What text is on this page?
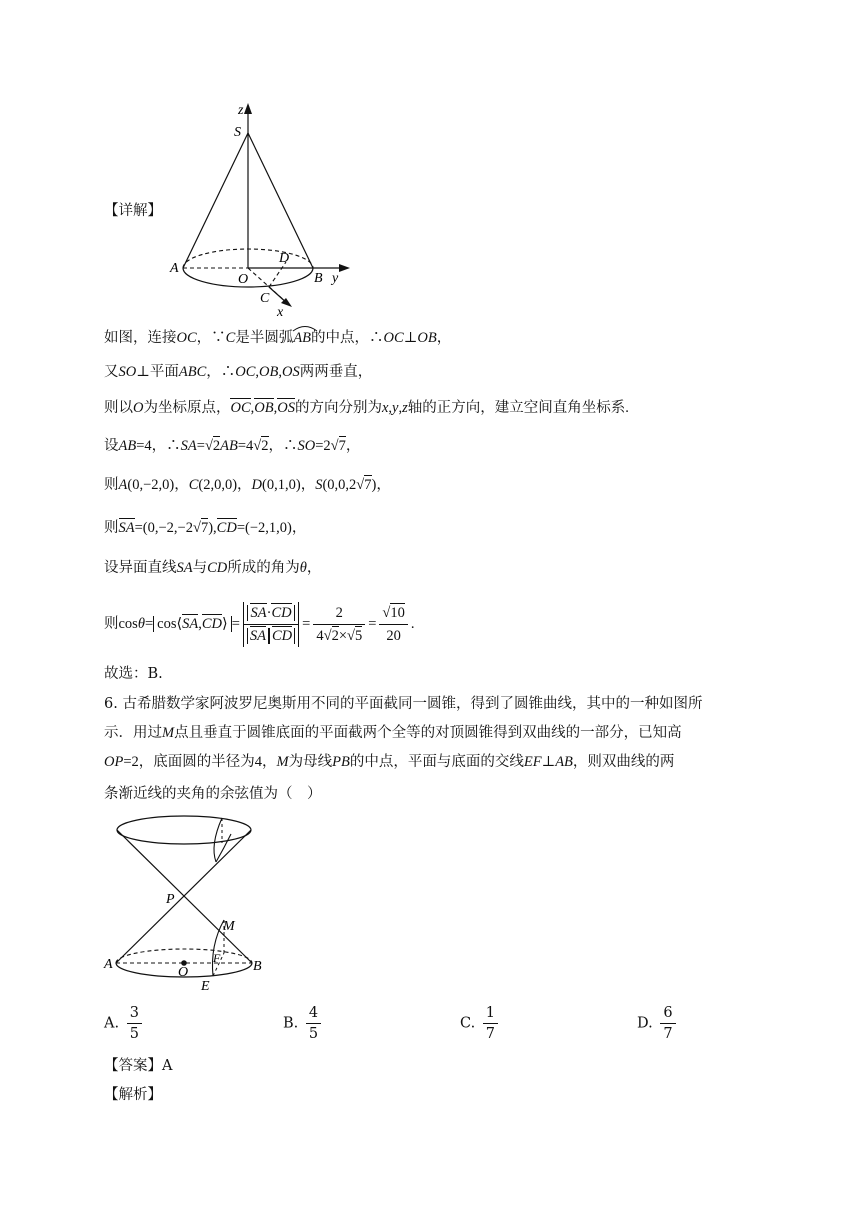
z
S
A
O
D
B y
C
x
【详解】
如图，连接OC，∵C是半圆弧AB
的中点，∴OC⊥OB，
又SO⊥平面ABC，∴OC,OB,OS两两垂直，
则以O为坐标原点，OC,OB,OS的方向分别为x,y,z轴的正方向，建立空间直角坐标系.
设AB=4，∴SA=√2AB=4√2，∴SO=2√7，
则A(0,−2,0)，C(2,0,0)，D(0,1,0)，S(0,0,2√7)，
则SA=(0,−2,−2√7),CD=(−2,1,0)，
设异面直线SA与CD所成的角为θ，
则cosθ= cos⟨SA,CD⟩ = $\frac{SA\cdot CD}{\text{SA CD}} = \frac{2}{4√2\times√5} = \frac{√10}{20}$ .
故选：B.
6. 古希腊数学家阿波罗尼奥斯用不同的平面截同一圆锥，得到了圆锥曲线，其中的一种如图所
示．用过M点且垂直于圆锥底面的平面截两个全等的对顶圆锥得到双曲线的一部分，已知高
OP=2，底面圆的半径为4，M为母线PB的中点，平面与底面的交线EF⊥AB，则双曲线的两
条渐近线的夹角的余弦值为（　）
P
M
A
O
F
B
E
A. $\frac{3}{5}$	B. $\frac{4}{5}$	C. $\frac{1}{7}$	D. $\frac{6}{7}$
【答案】A
【解析】
